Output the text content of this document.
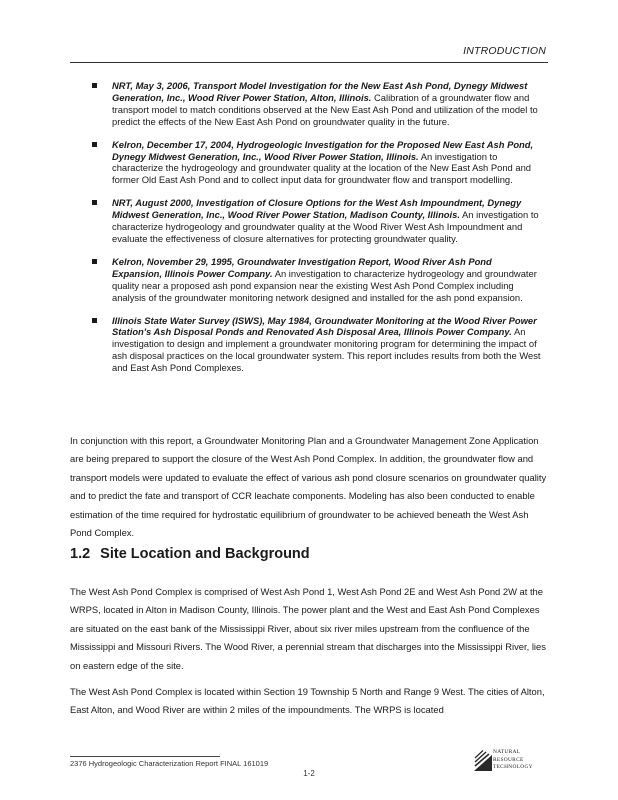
INTRODUCTION
NRT, May 3, 2006, Transport Model Investigation for the New East Ash Pond, Dynegy Midwest Generation, Inc., Wood River Power Station, Alton, Illinois. Calibration of a groundwater flow and transport model to match conditions observed at the New East Ash Pond and utilization of the model to predict the effects of the New East Ash Pond on groundwater quality in the future.
Kelron, December 17, 2004, Hydrogeologic Investigation for the Proposed New East Ash Pond, Dynegy Midwest Generation, Inc., Wood River Power Station, Illinois. An investigation to characterize the hydrogeology and groundwater quality at the location of the New East Ash Pond and former Old East Ash Pond and to collect input data for groundwater flow and transport modelling.
NRT, August 2000, Investigation of Closure Options for the West Ash Impoundment, Dynegy Midwest Generation, Inc., Wood River Power Station, Madison County, Illinois. An investigation to characterize hydrogeology and groundwater quality at the Wood River West Ash Impoundment and evaluate the effectiveness of closure alternatives for protecting groundwater quality.
Kelron, November 29, 1995, Groundwater Investigation Report, Wood River Ash Pond Expansion, Illinois Power Company. An investigation to characterize hydrogeology and groundwater quality near a proposed ash pond expansion near the existing West Ash Pond Complex including analysis of the groundwater monitoring network designed and installed for the ash pond expansion.
Illinois State Water Survey (ISWS), May 1984, Groundwater Monitoring at the Wood River Power Station's Ash Disposal Ponds and Renovated Ash Disposal Area, Illinois Power Company. An investigation to design and implement a groundwater monitoring program for determining the impact of ash disposal practices on the local groundwater system. This report includes results from both the West and East Ash Pond Complexes.

In conjunction with this report, a Groundwater Monitoring Plan and a Groundwater Management Zone Application are being prepared to support the closure of the West Ash Pond Complex. In addition, the groundwater flow and transport models were updated to evaluate the effect of various ash pond closure scenarios on groundwater quality and to predict the fate and transport of CCR leachate components. Modeling has also been conducted to enable estimation of the time required for hydrostatic equilibrium of groundwater to be achieved beneath the West Ash Pond Complex.

1.2 Site Location and Background

The West Ash Pond Complex is comprised of West Ash Pond 1, West Ash Pond 2E and West Ash Pond 2W at the WRPS, located in Alton in Madison County, Illinois. The power plant and the West and East Ash Pond Complexes are situated on the east bank of the Mississippi River, about six river miles upstream from the confluence of the Mississippi and Missouri Rivers. The Wood River, a perennial stream that discharges into the Mississippi River, lies on eastern edge of the site.

The West Ash Pond Complex is located within Section 19 Township 5 North and Range 9 West. The cities of Alton, East Alton, and Wood River are within 2 miles of the impoundments. The WRPS is located

2376 Hydrogeologic Characterization Report FINAL 161019
1-2
NATURAL
RESOURCE
TECHNOLOGY
